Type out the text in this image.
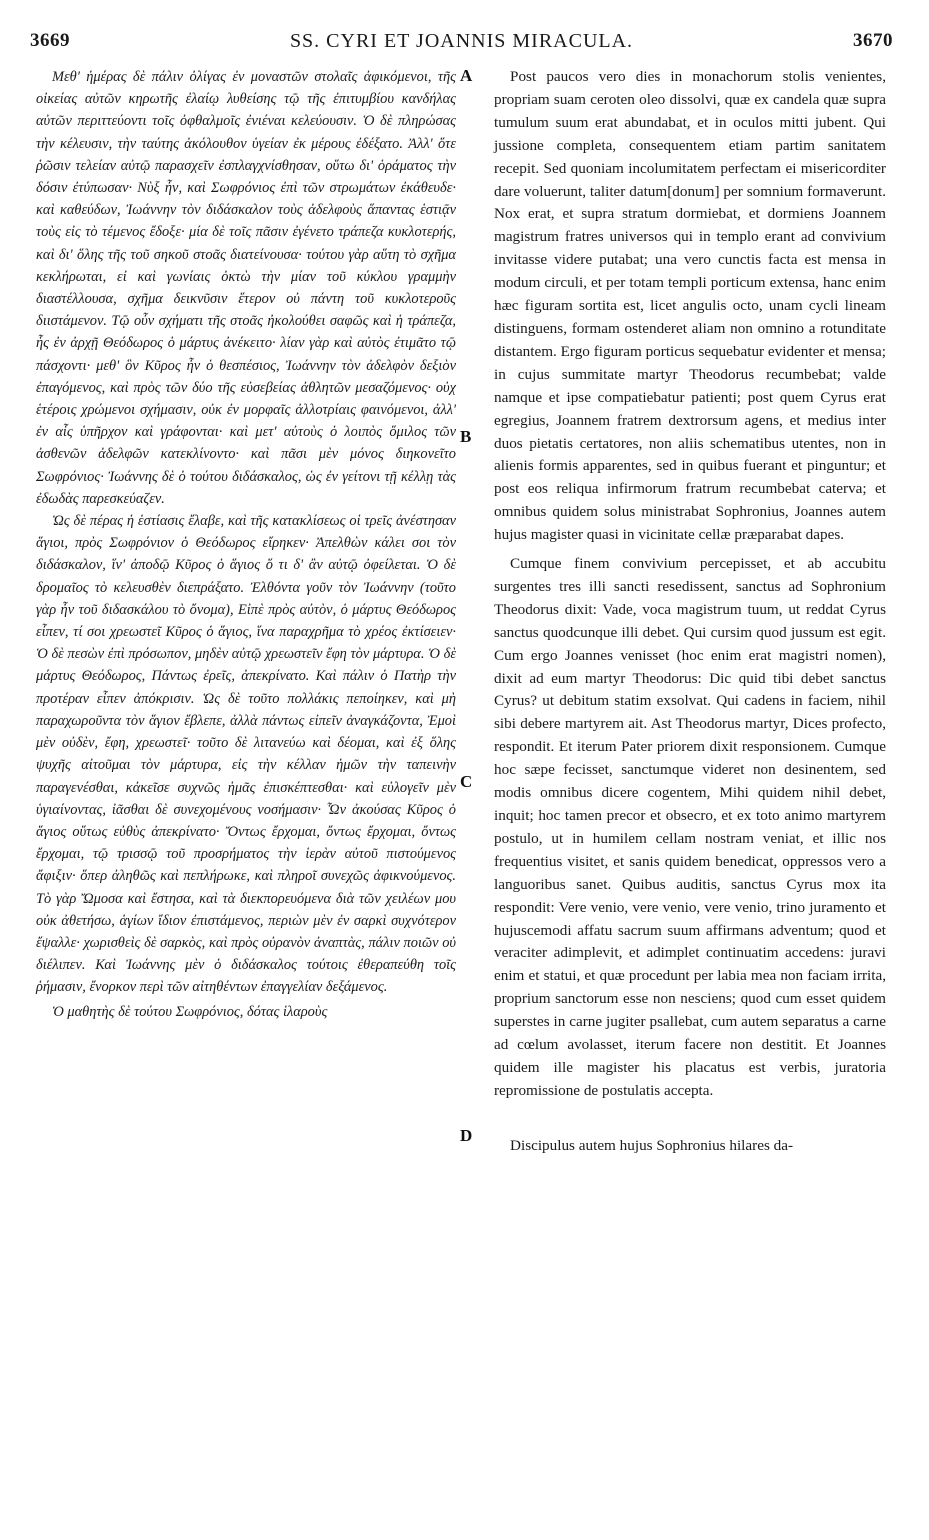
3669	SS. CYRI ET JOANNIS MIRACULA.	3670

Μεθ' ἡμέρας δὲ πάλιν ὀλίγας ἐν μοναστῶν στολαῖς ἀφικόμενοι, τῆς οἰκείας αὐτῶν κηρωτῆς ἐλαίῳ λυθείσης τῷ τῆς ἐπιτυμβίου κανδήλας αὐτῶν περιττεύοντι τοῖς ὀφθαλμοῖς ἐνιέναι κελεύουσιν. Ὁ δὲ πληρώσας τὴν κέλευσιν, τὴν ταύτης ἀκόλουθον ὑγείαν ἐκ μέρους ἐδέξατο. Ἀλλ' ὅτε ῥῶσιν τελείαν αὐτῷ παρασχεῖν ἐσπλαγχνίσθησαν, οὕτω δι' ὁράματος τὴν δόσιν ἐτύπωσαν· Νὺξ ἦν, καὶ Σωφρόνιος ἐπὶ τῶν στρωμάτων ἐκάθευδε· καὶ καθεύδων, Ἰωάννην τὸν διδάσκαλον τοὺς ἀδελφοὺς ἅπαντας ἑστιᾷν τοὺς εἰς τὸ τέμενος ἔδοξε· μία δὲ τοῖς πᾶσιν ἐγένετο τράπεζα κυκλοτερής, καὶ δι' ὅλης τῆς τοῦ σηκοῦ στοᾶς διατείνουσα· τούτου γὰρ αὕτη τὸ σχῆμα κεκλήρωται, εἰ καὶ γωνίαις ὀκτὼ τὴν μίαν τοῦ κύκλου γραμμὴν διαστέλλουσα, σχῆμα δεικνῦσιν ἕτερον οὐ πάντη τοῦ κυκλοτεροῦς διιστάμενον. Τῷ οὖν σχήματι τῆς στοᾶς ἠκολούθει σαφῶς καὶ ἡ τράπεζα, ἧς ἐν ἀρχῇ Θεόδωρος ὁ μάρτυς ἀνέκειτο· λίαν γὰρ καὶ αὐτὸς ἐτιμᾶτο τῷ πάσχοντι· μεθ' ὃν Κῦρος ἦν ὁ θεσπέσιος, Ἰωάννην τὸν ἀδελφὸν δεξιὸν ἐπαγόμενος, καὶ πρὸς τῶν δύο τῆς εὐσεβείας ἀθλητῶν μεσαζόμενος· οὐχ ἑτέροις χρώμενοι σχήμασιν, οὐκ ἐν μορφαῖς ἀλλοτρίαις φαινόμενοι, ἀλλ' ἐν αἷς ὑπῆρχον καὶ γράφονται· καὶ μετ' αὐτοὺς ὁ λοιπὸς ὅμιλος τῶν ἀσθενῶν ἀδελφῶν κατεκλίνοντο· καὶ πᾶσι μὲν μόνος διηκονεῖτο Σωφρόνιος· Ἰωάννης δὲ ὁ τούτου διδάσκαλος, ὡς ἐν γείτονι τῇ κέλλῃ τὰς ἐδωδὰς παρεσκεύαζεν.

Ὡς δὲ πέρας ἡ ἑστίασις ἔλαβε, καὶ τῆς κατακλίσεως οἱ τρεῖς ἀνέστησαν ἅγιοι, πρὸς Σωφρόνιον ὁ Θεόδωρος εἴρηκεν· Ἀπελθὼν κάλει σοι τὸν διδάσκαλον, ἵν' ἀποδῷ Κῦρος ὁ ἅγιος ὅ τι δ' ἂν αὐτῷ ὀφείλεται. Ὁ δὲ δρομαῖος τὸ κελευσθὲν διεπράξατο. Ἐλθόντα γοῦν τὸν Ἰωάννην (τοῦτο γὰρ ἦν τοῦ διδασκάλου τὸ ὄνομα), Εἰπὲ πρὸς αὐτὸν, ὁ μάρτυς Θεόδωρος εἶπεν, τί σοι χρεωστεῖ Κῦρος ὁ ἅγιος, ἵνα παραχρῆμα τὸ χρέος ἐκτίσειεν· Ὁ δὲ πεσὼν ἐπὶ πρόσωπον, μηδὲν αὐτῷ χρεωστεῖν ἔφη τὸν μάρτυρα. Ὁ δὲ μάρτυς Θεόδωρος, Πάντως ἐρεῖς, ἀπεκρίνατο. Καὶ πάλιν ὁ Πατὴρ τὴν προτέραν εἶπεν ἀπόκρισιν. Ὡς δὲ τοῦτο πολλάκις πεποίηκεν, καὶ μὴ παραχωροῦντα τὸν ἅγιον ἔβλεπε, ἀλλὰ πάντως εἰπεῖν ἀναγκάζοντα, Ἐμοὶ μὲν οὐδὲν, ἔφη, χρεωστεῖ· τοῦτο δὲ λιτανεύω καὶ δέομαι, καὶ ἐξ ὅλης ψυχῆς αἰτοῦμαι τὸν μάρτυρα, εἰς τὴν κέλλαν ἡμῶν τὴν ταπεινὴν παραγενέσθαι, κἀκεῖσε συχνῶς ἡμᾶς ἐπισκέπτεσθαι· καὶ εὐλογεῖν μὲν ὑγιαίνοντας, ἰᾶσθαι δὲ συνεχομένους νοσήμασιν· Ὧν ἀκούσας Κῦρος ὁ ἅγιος οὕτως εὐθὺς ἀπεκρίνατο· Ὄντως ἔρχομαι, ὄντως ἔρχομαι, ὄντως ἔρχομαι, τῷ τρισσῷ τοῦ προσρήματος τὴν ἱερὰν αὐτοῦ πιστούμενος ἄφιξιν· ὅπερ ἀληθῶς καὶ πεπλήρωκε, καὶ πληροῖ συνεχῶς ἀφικνούμενος. Τὸ γὰρ Ὤμοσα καὶ ἔστησα, καὶ τὰ διεκπορευόμενα διὰ τῶν χειλέων μου οὐκ ἀθετήσω, ἁγίων ἴδιον ἐπιστάμενος, περιὼν μὲν ἐν σαρκὶ συχνότερον ἔψαλλε· χωρισθεὶς δὲ σαρκὸς, καὶ πρὸς οὐρανὸν ἀναπτὰς, πάλιν ποιῶν οὐ διέλιπεν. Καὶ Ἰωάννης μὲν ὁ διδάσκαλος τούτοις ἐθεραπεύθη τοῖς ῥήμασιν, ἔνορκον περὶ τῶν αἰτηθέντων ἐπαγγελίαν δεξάμενος.

Ὁ μαθητὴς δὲ τούτου Σωφρόνιος, δότας ἱλαροὺς

A
B
C
D

Post paucos vero dies in monachorum stolis venientes, propriam suam ceroten oleo dissolvi, quæ ex candela quæ supra tumulum suum erat abundabat, et in oculos mitti jubent. Qui jussione completa, consequentem etiam partim sanitatem recepit. Sed quoniam incolumitatem perfectam ei misericorditer dare voluerunt, taliter datum[donum] per somnium formaverunt. Nox erat, et supra stratum dormiebat, et dormiens Joannem magistrum fratres universos qui in templo erant ad convivium invitasse videre putabat; una vero cunctis facta est mensa in modum circuli, et per totam templi porticum extensa, hanc enim hæc figuram sortita est, licet angulis octo, unam cycli lineam distinguens, formam ostenderet aliam non omnino a rotunditate distantem. Ergo figuram porticus sequebatur evidenter et mensa; in cujus summitate martyr Theodorus recumbebat; valde namque et ipse compatiebatur patienti; post quem Cyrus erat egregius, Joannem fratrem dextrorsum agens, et medius inter duos pietatis certatores, non aliis schematibus utentes, non in alienis formis apparentes, sed in quibus fuerant et pinguntur; et post eos reliqua infirmorum fratrum recumbebat caterva; et omnibus quidem solus ministrabat Sophronius, Joannes autem hujus magister quasi in vicinitate cellæ præparabat dapes.

Cumque finem convivium percepisset, et ab accubitu surgentes tres illi sancti resedissent, sanctus ad Sophronium Theodorus dixit: Vade, voca magistrum tuum, ut reddat Cyrus sanctus quodcunque illi debet. Qui cursim quod jussum est egit. Cum ergo Joannes venisset (hoc enim erat magistri nomen), dixit ad eum martyr Theodorus: Dic quid tibi debet sanctus Cyrus? ut debitum statim exsolvat. Qui cadens in faciem, nihil sibi debere martyrem ait. Ast Theodorus martyr, Dices profecto, respondit. Et iterum Pater priorem dixit responsionem. Cumque hoc sæpe fecisset, sanctumque videret non desinentem, sed modis omnibus dicere cogentem, Mihi quidem nihil debet, inquit; hoc tamen precor et obsecro, et ex toto animo martyrem postulo, ut in humilem cellam nostram veniat, et illic nos frequentius visitet, et sanis quidem benedicat, oppressos vero a languoribus sanet. Quibus auditis, sanctus Cyrus mox ita respondit: Vere venio, vere venio, vere venio, trino juramento et hujuscemodi affatu sacrum suum affirmans adventum; quod et veraciter adimplevit, et adimplet continuatim accedens: juravi enim et statui, et quæ procedunt per labia mea non faciam irrita, proprium sanctorum esse non nesciens; quod cum esset quidem superstes in carne jugiter psallebat, cum autem separatus a carne ad cœlum avolasset, iterum facere non destitit. Et Joannes quidem ille magister his placatus est verbis, juratoria repromissione de postulatis accepta.

Discipulus autem hujus Sophronius hilares da-
